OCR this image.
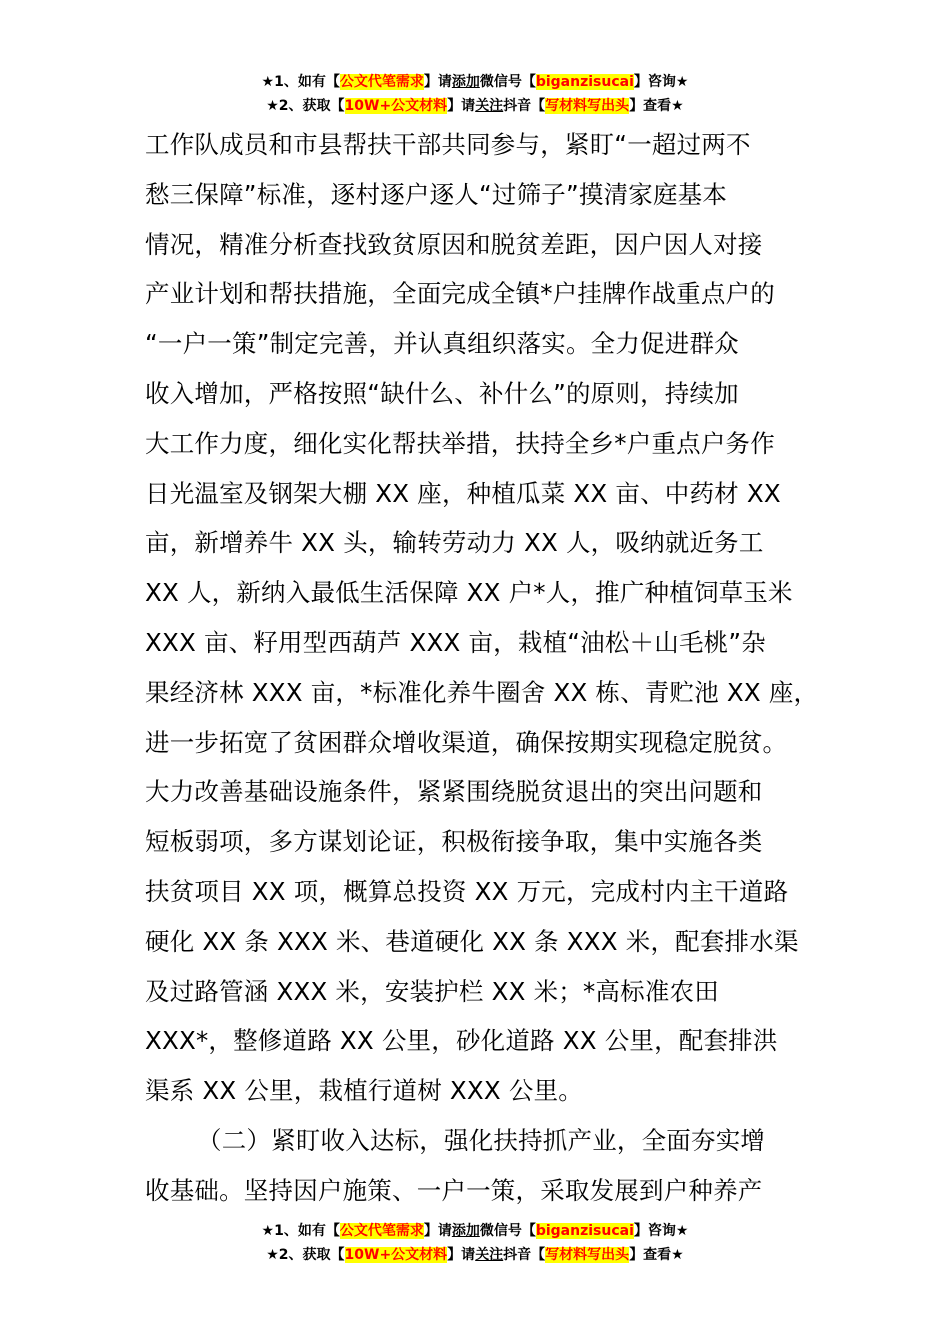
★1、如有【公文代笔需求】请添加微信号【biganzisucai】咨询★
★2、获取【10W+公文材料】请关注抖音【写材料写出头】查看★
工作队成员和市县帮扶干部共同参与，紧盯“一超过两不
愁三保障”标准，逐村逐户逐人“过筛子”摸清家庭基本
情况，精准分析查找致贫原因和脱贫差距，因户因人对接
产业计划和帮扶措施，全面完成全镇*户挂牌作战重点户的
“一户一策”制定完善，并认真组织落实。全力促进群众
收入增加，严格按照“缺什么、补什么”的原则，持续加
大工作力度，细化实化帮扶举措，扶持全乡*户重点户务作
日光温室及钢架大棚 XX 座，种植瓜菜 XX 亩、中药材 XX
亩，新增养牛 XX 头，输转劳动力 XX 人，吸纳就近务工
XX 人，新纳入最低生活保障 XX 户*人，推广种植饲草玉米
XXX 亩、籽用型西葫芦 XXX 亩，栽植“油松＋山毛桃”杂
果经济林 XXX 亩，*标准化养牛圈舍 XX 栋、青贮池 XX 座，
进一步拓宽了贫困群众增收渠道，确保按期实现稳定脱贫。
大力改善基础设施条件，紧紧围绕脱贫退出的突出问题和
短板弱项，多方谋划论证，积极衔接争取，集中实施各类
扶贫项目 XX 项，概算总投资 XX 万元，完成村内主干道路
硬化 XX 条 XXX 米、巷道硬化 XX 条 XXX 米，配套排水渠
及过路管涵 XXX 米，安装护栏 XX 米；*高标准农田
XXX*，整修道路 XX 公里，砂化道路 XX 公里，配套排洪
渠系 XX 公里，栽植行道树 XXX 公里。
（二）紧盯收入达标，强化扶持抓产业，全面夯实增
收基础。坚持因户施策、一户一策，采取发展到户种养产
★1、如有【公文代笔需求】请添加微信号【biganzisucai】咨询★
★2、获取【10W+公文材料】请关注抖音【写材料写出头】查看★
